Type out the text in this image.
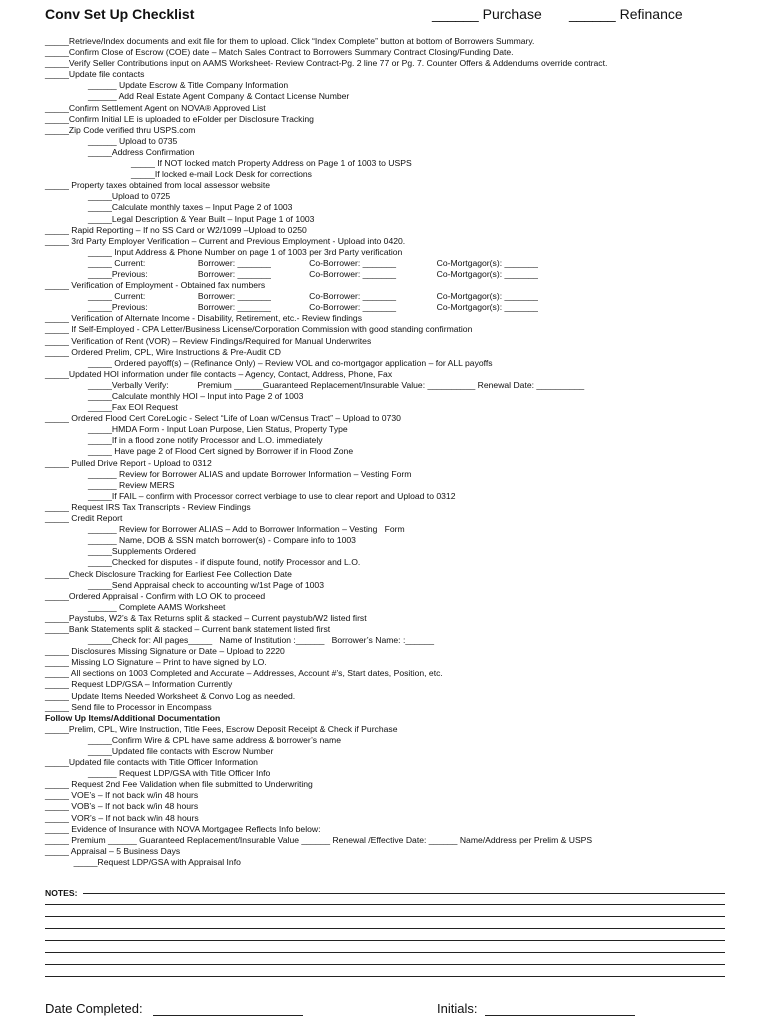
Conv Set Up Checklist	______ Purchase ______ Refinance
_____Retrieve/Index documents and exit file for them to upload. Click “Index Complete” button at bottom of Borrowers Summary.
_____Confirm Close of Escrow (COE) date – Match Sales Contract to Borrowers Summary Contract Closing/Funding Date.
_____Verify Seller Contributions input on AAMS Worksheet- Review Contract-Pg. 2 line 77 or Pg. 7. Counter Offers & Addendums override contract.
_____Update file contacts
______ Update Escrow & Title Company Information
______ Add Real Estate Agent Company & Contact License Number
_____Confirm Settlement Agent on NOVA® Approved List
_____Confirm Initial LE is uploaded to eFolder per Disclosure Tracking
_____Zip Code verified thru USPS.com
______ Upload to 0735
_____Address Confirmation
_____ If NOT locked match Property Address on Page 1 of 1003 to USPS
_____If locked e-mail Lock Desk for corrections
_____ Property taxes obtained from local assessor website
_____Upload to 0725
_____Calculate monthly taxes – Input Page 2 of 1003
_____Legal Description & Year Built – Input Page 1 of 1003
_____ Rapid Reporting – If no SS Card or W2/1099 –Upload to 0250
_____ 3rd Party Employer Verification – Current and Previous Employment - Upload into 0420.
_____ Input Address & Phone Number on page 1 of 1003 per 3rd Party verification
_____ Current:                      Borrower: _______                Co-Borrower: _______                 Co-Mortgagor(s): _______
_____Previous:                     Borrower: _______                Co-Borrower: _______                 Co-Mortgagor(s): _______
_____ Verification of Employment - Obtained fax numbers
_____ Current:                      Borrower: _______                Co-Borrower: _______                 Co-Mortgagor(s): _______
_____Previous:                     Borrower: _______                Co-Borrower: _______                 Co-Mortgagor(s): _______
_____ Verification of Alternate Income - Disability, Retirement, etc.- Review findings
_____ If Self-Employed - CPA Letter/Business License/Corporation Commission with good standing confirmation
_____ Verification of Rent (VOR) – Review Findings/Required for Manual Underwrites
_____ Ordered Prelim, CPL, Wire Instructions & Pre-Audit CD
_____ Ordered payoff(s) – (Refinance Only) – Review VOL and co-mortgagor application – for ALL payoffs
_____Updated HOI information under file contacts – Agency, Contact, Address, Phone, Fax
_____Verbally Verify:            Premium ______Guaranteed Replacement/Insurable Value: __________ Renewal Date: __________
_____Calculate monthly HOI – Input into Page 2 of 1003
_____Fax EOI Request
_____ Ordered Flood Cert CoreLogic - Select “Life of Loan w/Census Tract” – Upload to 0730
_____HMDA Form - Input Loan Purpose, Lien Status, Property Type
_____If in a flood zone notify Processor and L.O. immediately
_____ Have page 2 of Flood Cert signed by Borrower if in Flood Zone
_____ Pulled Drive Report - Upload to 0312
______ Review for Borrower ALIAS and update Borrower Information – Vesting Form
______ Review MERS
_____If FAIL – confirm with Processor correct verbiage to use to clear report and Upload to 0312
_____ Request IRS Tax Transcripts - Review Findings
_____ Credit Report
______ Review for Borrower ALIAS – Add to Borrower Information – Vesting   Form
______ Name, DOB & SSN match borrower(s) - Compare info to 1003
_____Supplements Ordered
_____Checked for disputes - if dispute found, notify Processor and L.O.
_____Check Disclosure Tracking for Earliest Fee Collection Date
_____Send Appraisal check to accounting w/1st Page of 1003
_____Ordered Appraisal - Confirm with LO OK to proceed
______ Complete AAMS Worksheet
_____Paystubs, W2’s & Tax Returns split & stacked – Current paystub/W2 listed first
_____Bank Statements split & stacked – Current bank statement listed first
_____Check for: All pages_____   Name of Institution :______   Borrower’s Name: :______
_____ Disclosures Missing Signature or Date – Upload to 2220
_____ Missing LO Signature – Print to have signed by LO.
_____ All sections on 1003 Completed and Accurate – Addresses, Account #’s, Start dates, Position, etc.
_____ Request LDP/GSA – Information Currently
_____ Update Items Needed Worksheet & Convo Log as needed.
_____ Send file to Processor in Encompass
Follow Up Items/Additional Documentation
_____Prelim, CPL, Wire Instruction, Title Fees, Escrow Deposit Receipt & Check if Purchase
_____Confirm Wire & CPL have same address & borrower’s name
_____Updated file contacts with Escrow Number
_____Updated file contacts with Title Officer Information
______ Request LDP/GSA with Title Officer Info
_____ Request 2nd Fee Validation when file submitted to Underwriting
_____ VOE’s – If not back w/in 48 hours
_____ VOB’s – If not back w/in 48 hours
_____ VOR’s – If not back w/in 48 hours
_____ Evidence of Insurance with NOVA Mortgagee Reflects Info below:
_____ Premium ______ Guaranteed Replacement/Insurable Value ______ Renewal /Effective Date: ______ Name/Address per Prelim & USPS
_____ Appraisal – 5 Business Days
_____Request LDP/GSA with Appraisal Info
NOTES:
Date Completed:	Initials:
